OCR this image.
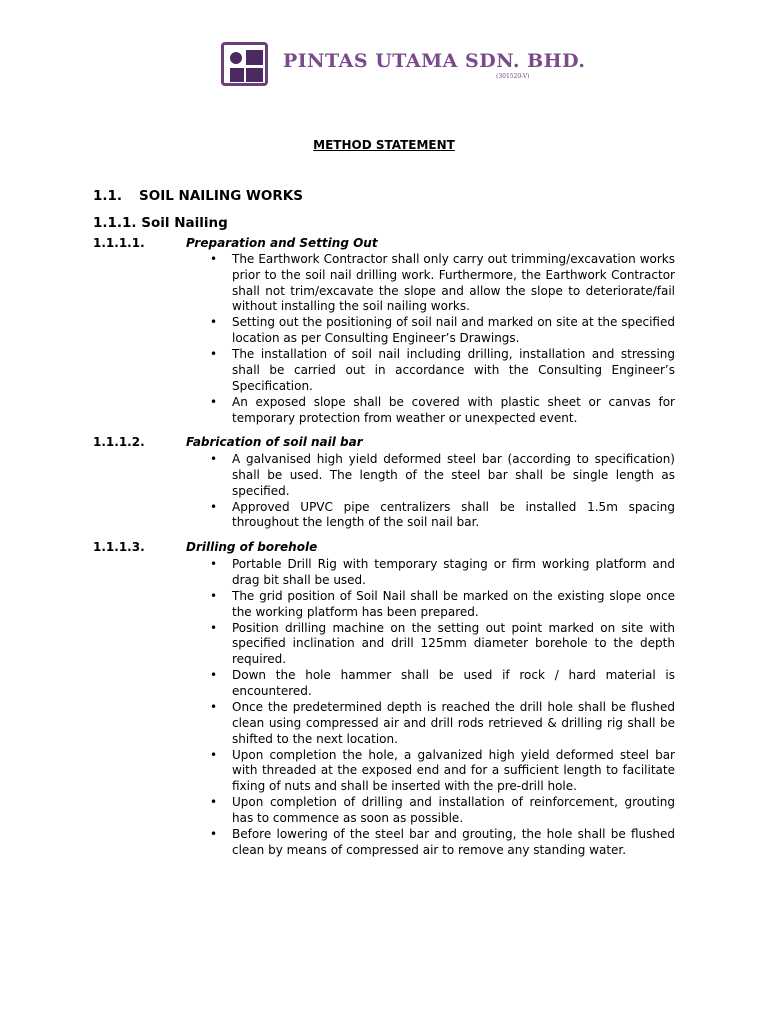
PINTAS UTAMA SDN. BHD.
(301520-V)
METHOD STATEMENT
1.1. SOIL NAILING WORKS
1.1.1. Soil Nailing
1.1.1.1.	Preparation and Setting Out
• The Earthwork Contractor shall only carry out trimming/excavation works prior to the soil nail drilling work. Furthermore, the Earthwork Contractor shall not trim/excavate the slope and allow the slope to deteriorate/fail without installing the soil nailing works.
• Setting out the positioning of soil nail and marked on site at the specified location as per Consulting Engineer’s Drawings.
• The installation of soil nail including drilling, installation and stressing shall be carried out in accordance with the Consulting Engineer’s Specification.
• An exposed slope shall be covered with plastic sheet or canvas for temporary protection from weather or unexpected event.
1.1.1.2.	Fabrication of soil nail bar
• A galvanised high yield deformed steel bar (according to specification) shall be used. The length of the steel bar shall be single length as specified.
• Approved UPVC pipe centralizers shall be installed 1.5m spacing throughout the length of the soil nail bar.
1.1.1.3.	Drilling of borehole
• Portable Drill Rig with temporary staging or firm working platform and drag bit shall be used.
• The grid position of Soil Nail shall be marked on the existing slope once the working platform has been prepared.
• Position drilling machine on the setting out point marked on site with specified inclination and drill 125mm diameter borehole to the depth required.
• Down the hole hammer shall be used if rock / hard material is encountered.
• Once the predetermined depth is reached the drill hole shall be flushed clean using compressed air and drill rods retrieved & drilling rig shall be shifted to the next location.
• Upon completion the hole, a galvanized high yield deformed steel bar with threaded at the exposed end and for a sufficient length to facilitate fixing of nuts and shall be inserted with the pre-drill hole.
• Upon completion of drilling and installation of reinforcement, grouting has to commence as soon as possible.
• Before lowering of the steel bar and grouting, the hole shall be flushed clean by means of compressed air to remove any standing water.
